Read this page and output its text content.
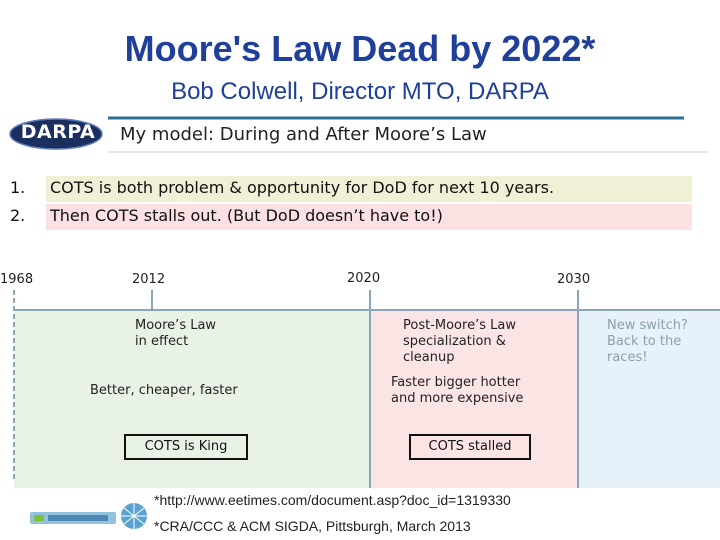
Moore's Law Dead by 2022*
Bob Colwell, Director MTO, DARPA
DARPA	My model: During and After Moore’s Law
1. COTS is both problem & opportunity for DoD for next 10 years.
2. Then COTS stalls out. (But DoD doesn’t have to!)
1968	2012	2020	2030
Moore’s Law
in effect
Better, cheaper, faster
COTS is King
Post-Moore’s Law
specialization &
cleanup
Faster bigger hotter
and more expensive
COTS stalled
New switch?
Back to the
races!
*http://www.eetimes.com/document.asp?doc_id=1319330
*CRA/CCC & ACM SIGDA, Pittsburgh, March 2013
